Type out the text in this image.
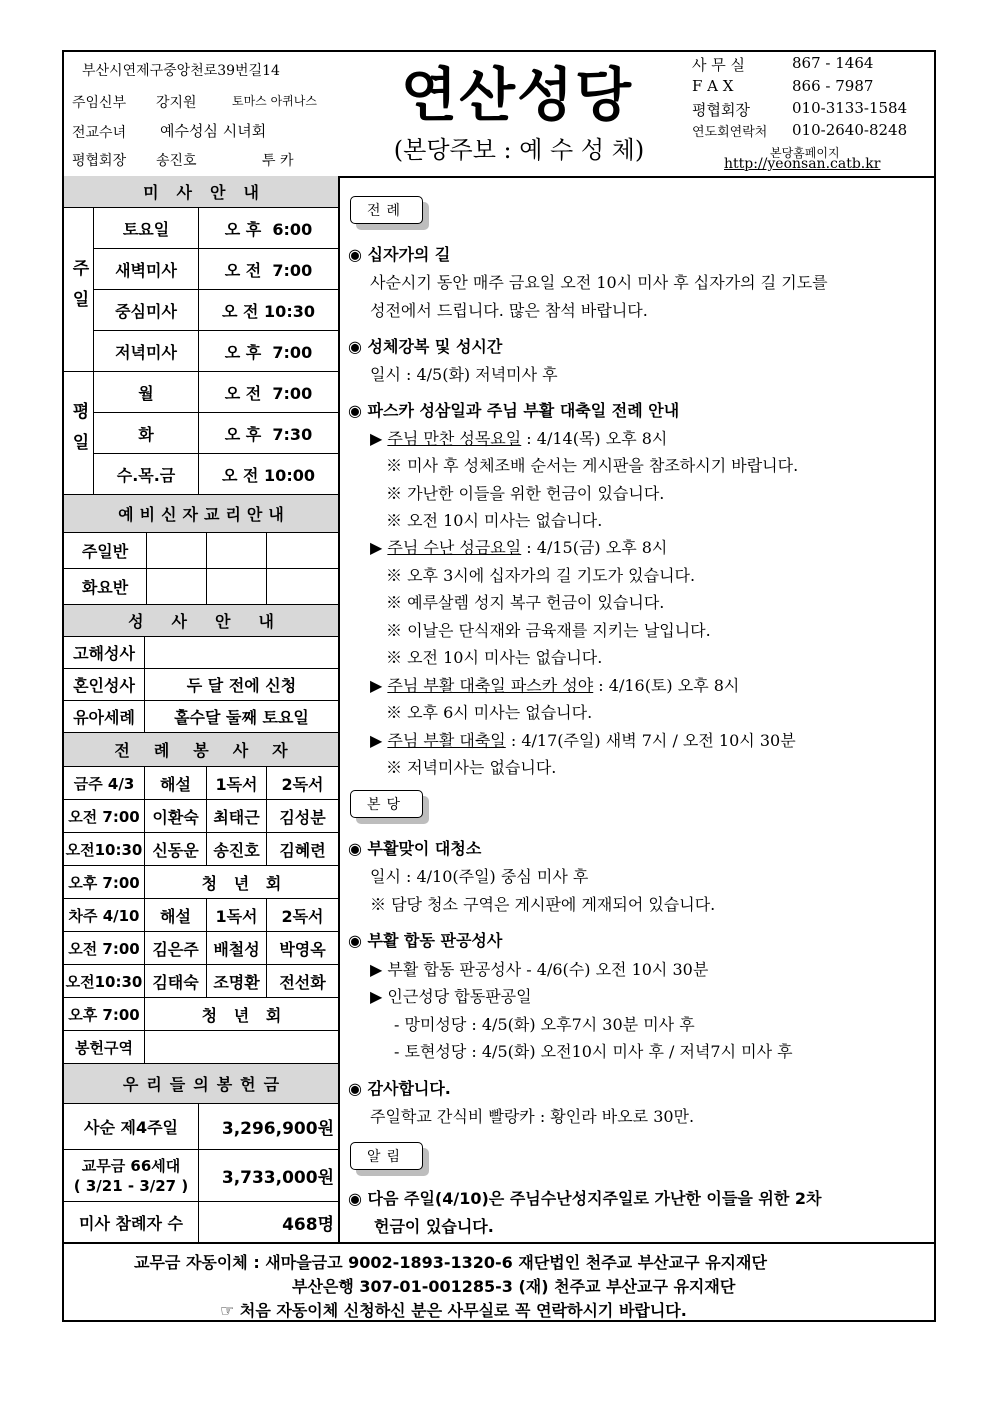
부산시연제구중앙천로39번길14
주임신부 강지원	토마스 아퀴나스
전교수녀 예수성심 시녀회
평협회장 송진호	투 카
연산성당
(본당주보 : 예 수 성 체)
사 무 실	867 - 1464
F A X	866 - 7987
평협회장	010-3133-1584
연도회연락처 010-2640-8248
본당홈페이지
http://yeonsan.catb.kr
미사안내
주일
토요일	오 후  6:00
새벽미사	오 전  7:00
중심미사	오 전 10:30
저녁미사	오 후  7:00
평일
월	오 전  7:00
화	오 후  7:30
수.목.금	오 전 10:00
예비신자교리안내
주일반
화요반
성사안내
고해성사
혼인성사	두 달 전에 신청
유아세례	홀수달 둘째 토요일
전례봉사자
금주 4/3	해설	1독서	2독서
오전 7:00 이환숙 최태근	김성분
오전10:30 신동운 송진호	김혜련
오후 7:00	청   년   회
차주 4/10	해설	1독서	2독서
오전 7:00 김은주 배철성	박영옥
오전10:30 김태숙 조명환	전선화
오후 7:00	청   년   회
봉헌구역
우리들의봉헌금
사순 제4주일	3,296,900원
교무금 66세대
( 3/21 - 3/27 )	3,733,000원
미사 참례자 수	468명
전례
◉ 십자가의 길
사순시기 동안 매주 금요일 오전 10시 미사 후 십자가의 길 기도를
성전에서 드립니다. 많은 참석 바랍니다.
◉ 성체강복 및 성시간
일시 : 4/5(화) 저녁미사 후
◉ 파스카 성삼일과 주님 부활 대축일 전례 안내
▶ 주님 만찬 성목요일 : 4/14(목) 오후 8시
※ 미사 후 성체조배 순서는 게시판을 참조하시기 바랍니다.
※ 가난한 이들을 위한 헌금이 있습니다.
※ 오전 10시 미사는 없습니다.
▶ 주님 수난 성금요일 : 4/15(금) 오후 8시
※ 오후 3시에 십자가의 길 기도가 있습니다.
※ 예루살렘 성지 복구 헌금이 있습니다.
※ 이날은 단식재와 금육재를 지키는 날입니다.
※ 오전 10시 미사는 없습니다.
▶ 주님 부활 대축일 파스카 성야 : 4/16(토) 오후 8시
※ 오후 6시 미사는 없습니다.
▶ 주님 부활 대축일 : 4/17(주일) 새벽 7시 / 오전 10시 30분
※ 저녁미사는 없습니다.
본당
◉ 부활맞이 대청소
일시 : 4/10(주일) 중심 미사 후
※ 담당 청소 구역은 게시판에 게재되어 있습니다.
◉ 부활 합동 판공성사
▶ 부활 합동 판공성사 - 4/6(수) 오전 10시 30분
▶ 인근성당 합동판공일
- 망미성당 : 4/5(화) 오후7시 30분 미사 후
- 토현성당 : 4/5(화) 오전10시 미사 후 / 저녁7시 미사 후
◉ 감사합니다.
주일학교 간식비 빨랑카 : 황인라 바오로 30만.
알림
◉ 다음 주일(4/10)은 주님수난성지주일로 가난한 이들을 위한 2차
헌금이 있습니다.
교무금 자동이체 : 새마을금고 9002-1893-1320-6 재단법인 천주교 부산교구 유지재단
부산은행 307-01-001285-3 (재) 천주교 부산교구 유지재단
☞ 처음 자동이체 신청하신 분은 사무실로 꼭 연락하시기 바랍니다.
